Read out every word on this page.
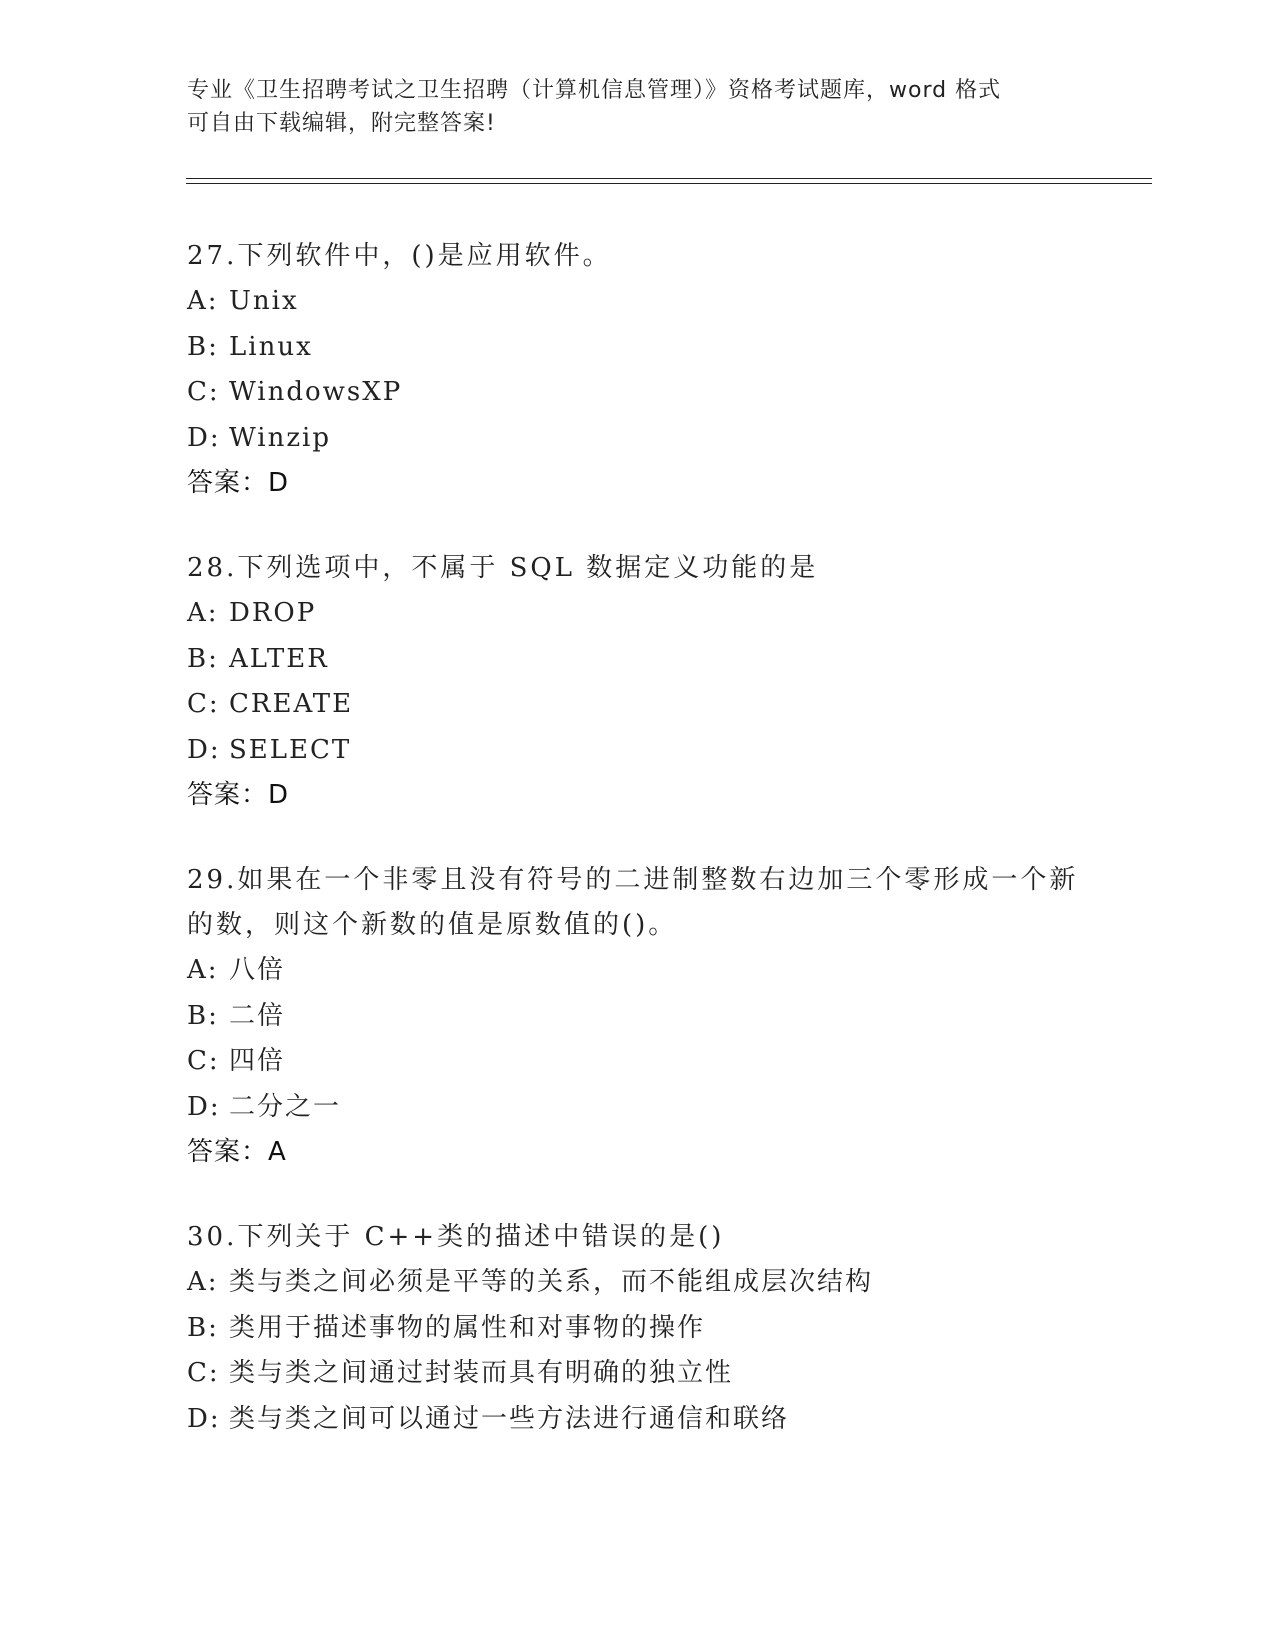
专业《卫生招聘考试之卫生招聘（计算机信息管理）》资格考试题库，word 格式
可自由下载编辑，附完整答案!
27.下列软件中，()是应用软件。
A: Unix
B: Linux
C: WindowsXP
D: Winzip
答案：D
28.下列选项中，不属于 SQL 数据定义功能的是
A: DROP
B: ALTER
C: CREATE
D: SELECT
答案：D
29.如果在一个非零且没有符号的二进制整数右边加三个零形成一个新的数，则这个新数的值是原数值的()。
A: 八倍
B: 二倍
C: 四倍
D: 二分之一
答案：A
30.下列关于 C++类的描述中错误的是()
A: 类与类之间必须是平等的关系，而不能组成层次结构
B: 类用于描述事物的属性和对事物的操作
C: 类与类之间通过封装而具有明确的独立性
D: 类与类之间可以通过一些方法进行通信和联络
